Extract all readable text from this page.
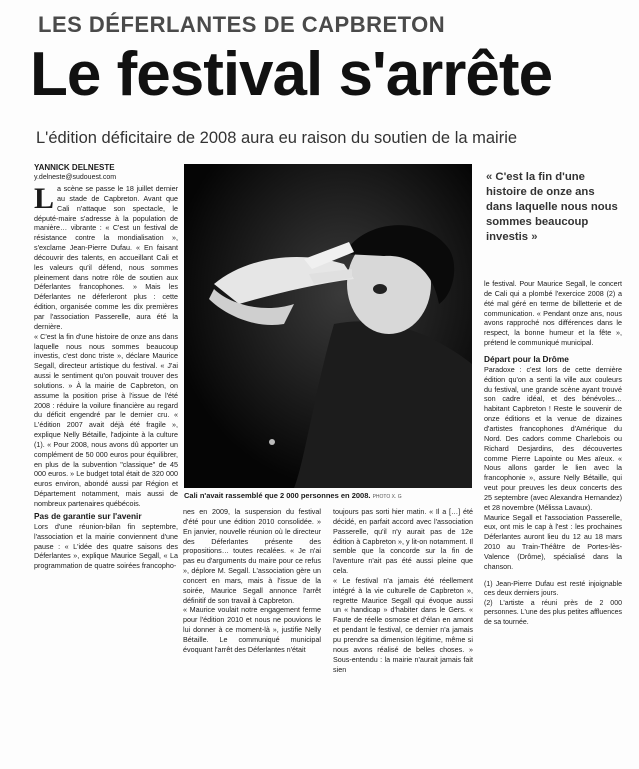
LES DÉFERLANTES DE CAPBRETON
Le festival s'arrête
L'édition déficitaire de 2008 aura eu raison du soutien de la mairie
YANNICK DELNESTE
y.delneste@sudouest.com

La scène se passe le 18 juillet dernier au stade de Capbreton. Avant que Cali n'attaque son spectacle, le député-maire s'adresse à la population de manière… vibrante : « C'est un festival de résistance contre la mondialisation », s'exclame Jean-Pierre Dufau. « En faisant découvrir des talents, en accueillant Cali et les valeurs qu'il défend, nous sommes pleinement dans notre rôle de soutien aux Déferlantes francophones. » Mais les Déferlantes ne déferleront plus : cette édition, organisée comme les dix premières par l'association Passerelle, aura été la dernière.

« C'est la fin d'une histoire de onze ans dans laquelle nous nous sommes beaucoup investis, c'est donc triste », déclare Maurice Segall, directeur artistique du festival. « J'ai aussi le sentiment qu'on pouvait trouver des solutions. » À la mairie de Capbreton, on assume la position prise à l'issue de l'été 2008 : réduire la voilure financière au regard du déficit engendré par le dernier cru. « L'édition 2007 avait déjà été fragile », explique Nelly Bétaille, l'adjointe à la culture (1). « Pour 2008, nous avons dû apporter un complément de 50 000 euros pour équilibrer, en plus de la subvention "classique" de 45 000 euros. » Le budget total était de 320 000 euros environ, abondé aussi par Région et Département notamment, mais aussi de nombreux partenaires québécois.

Pas de garantie sur l'avenir

Lors d'une réunion-bilan fin septembre, l'association et la mairie conviennent d'une pause : « L'idée des quatre saisons des Déferlantes », explique Maurice Segall, « La programmation de quatre soirées francopho-

Cali n'avait rassemblé que 2 000 personnes en 2008. PHOTO X. G

nes en 2009, la suspension du festival d'été pour une édition 2010 consolidée. » En janvier, nouvelle réunion où le directeur des Déferlantes présente des propositions… toutes recalées. « Je n'ai pas eu d'arguments du maire pour ce refus », déplore M. Segall. L'association gère un concert en mars, mais à l'issue de la soirée, Maurice Segall annonce l'arrêt définitif de son travail à Capbreton.

« Maurice voulait notre engagement ferme pour l'édition 2010 et nous ne pouvions le lui donner à ce moment-là », justifie Nelly Bétaille. Le communiqué municipal évoquant l'arrêt des Déferlantes n'était

toujours pas sorti hier matin. « Il a […] été décidé, en parfait accord avec l'association Passerelle, qu'il n'y aurait pas de 12e édition à Capbreton », y lit-on notamment. Il semble que la concorde sur la fin de l'aventure n'ait pas été aussi pleine que cela.

« Le festival n'a jamais été réellement intégré à la vie culturelle de Capbreton », regrette Maurice Segall qui évoque aussi un « handicap » d'habiter dans le Gers. « Faute de réelle osmose et d'élan en amont et pendant le festival, ce dernier n'a jamais pu prendre sa dimension légitime, même si nous avons réalisé de belles choses. » Sous-entendu : la mairie n'aurait jamais fait sien

« C'est la fin d'une histoire de onze ans dans laquelle nous nous sommes beaucoup investis »

le festival. Pour Maurice Segall, le concert de Cali qui a plombé l'exercice 2008 (2) a été mal géré en terme de billetterie et de communication. « Pendant onze ans, nous avons rapproché nos différences dans le respect, la bonne humeur et la fête », prétend le communiqué municipal.

Départ pour la Drôme

Paradoxe : c'est lors de cette dernière édition qu'on a senti la ville aux couleurs du festival, une grande scène ayant trouvé son cadre idéal, et des bénévoles… habitant Capbreton ! Reste le souvenir de onze éditions et la venue de dizaines d'artistes francophones d'Amérique du Nord. Des cadors comme Charlebois ou Richard Desjardins, des découvertes comme Pierre Lapointe ou Mes aïeux. « Nous allons garder le lien avec la francophonie », assure Nelly Bétaille, qui veut pour preuves les deux concerts des 25 septembre (avec Alexandra Hernandez) et 28 novembre (Mélissa Lavaux).

Maurice Segall et l'association Passerelle, eux, ont mis le cap à l'est : les prochaines Déferlantes auront lieu du 12 au 18 mars 2010 au Train-Théâtre de Portes-lès-Valence (Drôme), spécialisé dans la chanson.

(1) Jean-Pierre Dufau est resté injoignable ces deux derniers jours.

(2) L'artiste a réuni près de 2 000 personnes. L'une des plus petites affluences de sa tournée.
